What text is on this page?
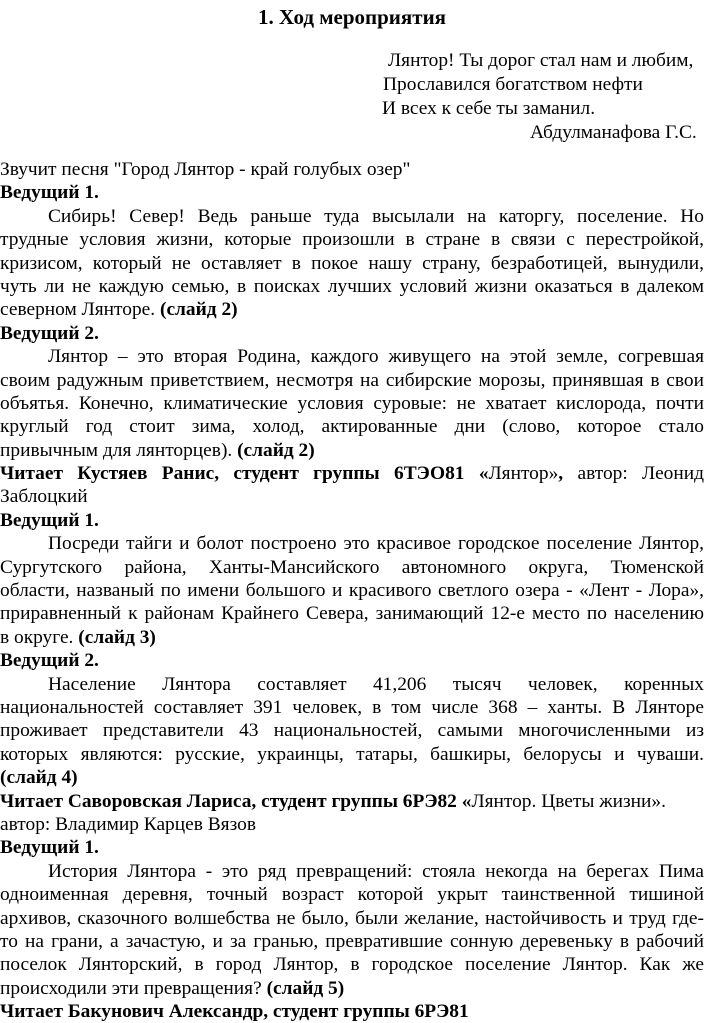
1. Ход мероприятия
Лянтор! Ты дорог стал нам и любим,
Прославился богатством нефти
И всех к себе ты заманил.
Абдулманафова Г.С.
Звучит песня "Город Лянтор - край голубых озер"
Ведущий 1.
Сибирь! Север! Ведь раньше туда высылали на каторгу, поселение. Но
трудные условия жизни, которые произошли в стране в связи с перестройкой,
кризисом, который не оставляет в покое нашу страну, безработицей, вынудили,
чуть ли не каждую семью, в поисках лучших условий жизни оказаться в далеком
северном Лянторе. (слайд 2)
Ведущий 2.
Лянтор – это вторая Родина, каждого живущего на этой земле, согревшая
своим радужным приветствием, несмотря на сибирские морозы, принявшая в свои
объятья. Конечно, климатические условия суровые: не хватает кислорода, почти
круглый год стоит зима, холод, актированные дни (слово, которое стало
привычным для лянторцев). (слайд 2)
Читает Кустяев Ранис, студент группы 6ТЭО81 «Лянтор», автор: Леонид
Заблоцкий
Ведущий 1.
Посреди тайги и болот построено это красивое городское поселение Лянтор,
Сургутского района, Ханты-Мансийского автономного округа, Тюменской
области, названый по имени большого и красивого светлого озера - «Лент - Лора»,
приравненный к районам Крайнего Севера, занимающий 12-е место по населению
в округе. (слайд 3)
Ведущий 2.
Население Лянтора составляет 41,206 тысяч человек, коренных
национальностей составляет 391 человек, в том числе 368 – ханты. В Лянторе
проживает представители 43 национальностей, самыми многочисленными из
которых являются: русские, украинцы, татары, башкиры, белорусы и чуваши.
(слайд 4)
Читает Саворовская Лариса, студент группы 6РЭ82 «Лянтор. Цветы жизни».
автор: Владимир Карцев Вязов
Ведущий 1.
История Лянтора - это ряд превращений: стояла некогда на берегах Пима
одноименная деревня, точный возраст которой укрыт таинственной тишиной
архивов, сказочного волшебства не было, были желание, настойчивость и труд где-
то на грани, а зачастую, и за гранью, превратившие сонную деревеньку в рабочий
поселок Лянторский, в город Лянтор, в городское поселение Лянтор. Как же
происходили эти превращения? (слайд 5)
Читает Бакунович Александр, студент группы 6РЭ81
